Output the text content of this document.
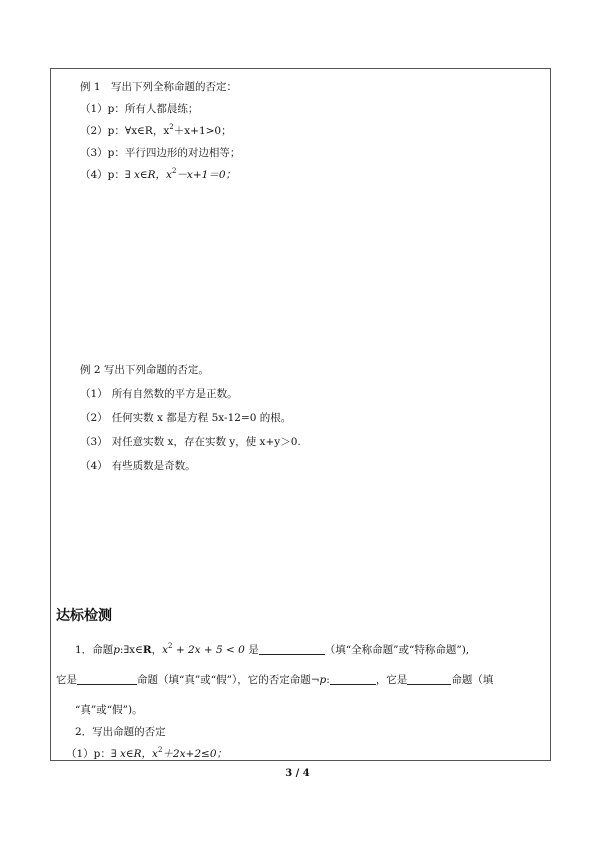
例 1　写出下列全称命题的否定：
（1）p：所有人都晨练；
（2）p：∀x∈R，$x^2+x+1>0$；
（3）p：平行四边形的对边相等；
（4）p：∃ x∈R，$x^2-x+1=0$；
例 2 写出下列命题的否定。
（1） 所有自然数的平方是正数。
（2） 任何实数 x 都是方程 5x-12=0 的根。
（3） 对任意实数 x，存在实数 y，使 x+y＞0.
（4） 有些质数是奇数。
达标检测
1．命题p:∃x∈R，$x^2 + 2x + 5 < 0$ 是	（填“全称命题”或“特称命题”),
它是	命题（填“真”或“假”），它的否定命题¬p:	，它是	命题（填
“真”或“假”)。
2．写出命题的否定
（1）p：∃ x∈R，$x^2+2x+2\le 0$；
3 / 4
